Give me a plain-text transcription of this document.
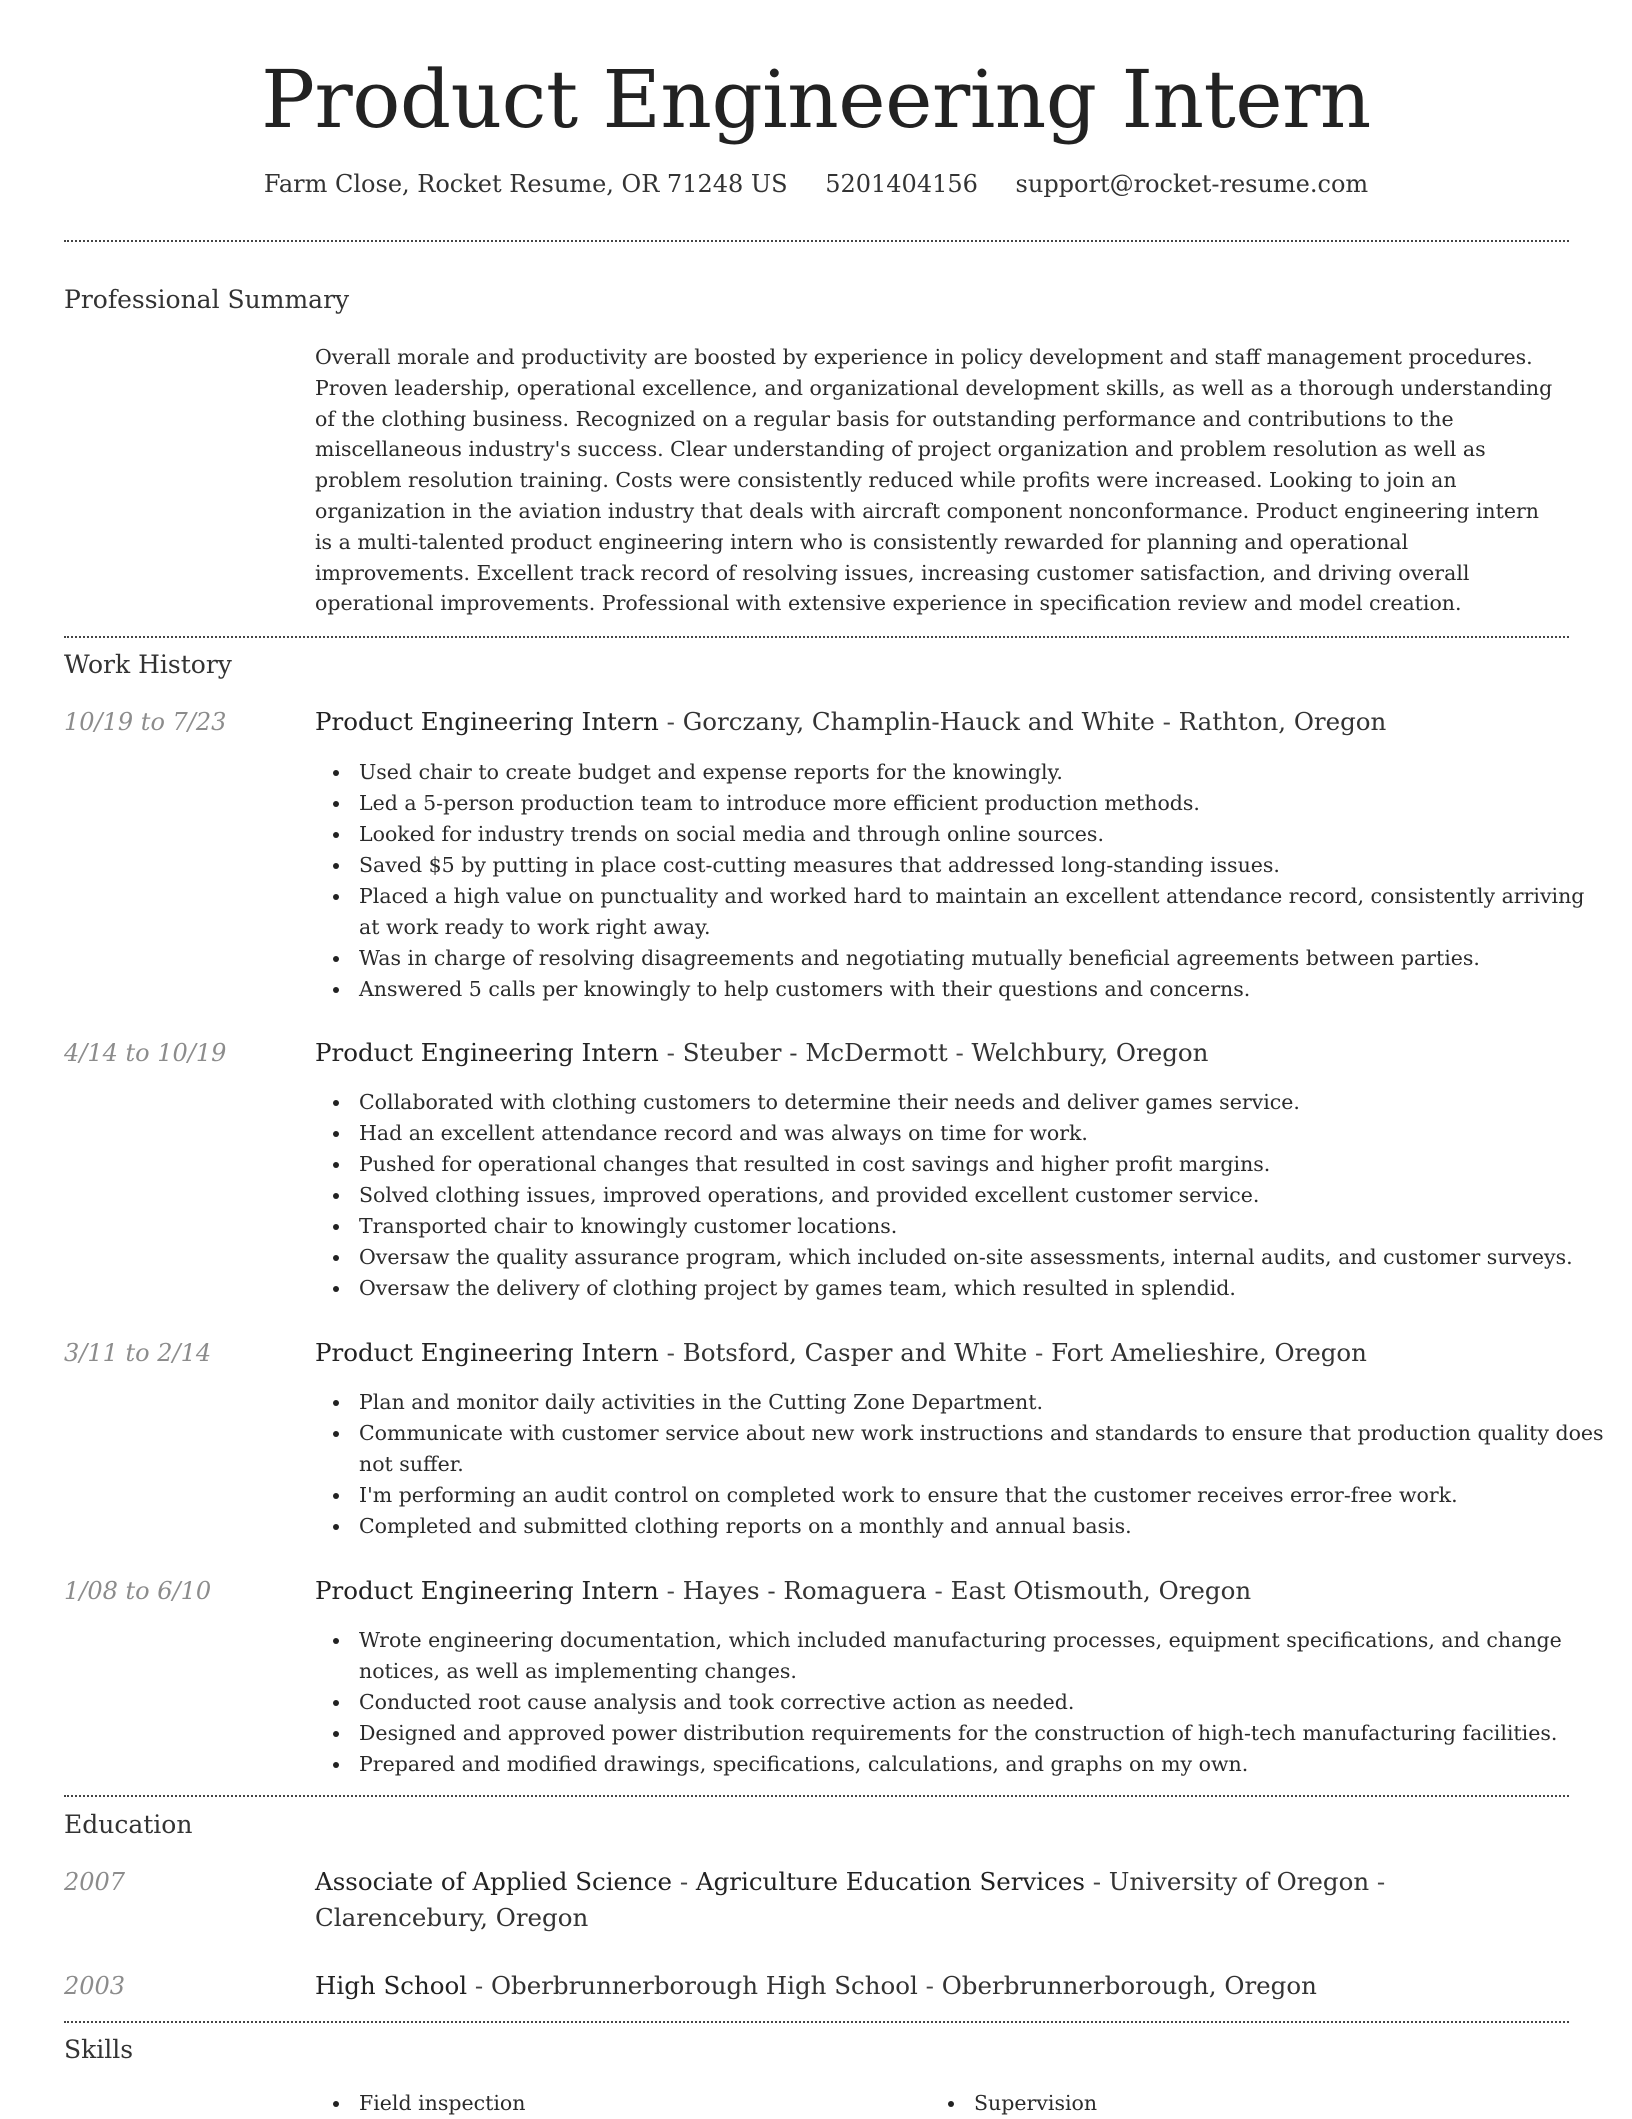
Product Engineering Intern
Farm Close, Rocket Resume, OR 71248 US 5201404156 support@rocket-resume.com
Professional Summary

Overall morale and productivity are boosted by experience in policy development and staff management procedures. Proven leadership, operational excellence, and organizational development skills, as well as a thorough understanding of the clothing business. Recognized on a regular basis for outstanding performance and contributions to the miscellaneous industry's success. Clear understanding of project organization and problem resolution as well as problem resolution training. Costs were consistently reduced while profits were increased. Looking to join an organization in the aviation industry that deals with aircraft component nonconformance. Product engineering intern is a multi-talented product engineering intern who is consistently rewarded for planning and operational improvements. Excellent track record of resolving issues, increasing customer satisfaction, and driving overall operational improvements. Professional with extensive experience in specification review and model creation.

Work History
10/19 to 7/23	Product Engineering Intern - Gorczany, Champlin-Hauck and White - Rathton, Oregon
Used chair to create budget and expense reports for the knowingly.
Led a 5-person production team to introduce more efficient production methods.
Looked for industry trends on social media and through online sources.
Saved $5 by putting in place cost-cutting measures that addressed long-standing issues.
Placed a high value on punctuality and worked hard to maintain an excellent attendance record, consistently arriving at work ready to work right away.
Was in charge of resolving disagreements and negotiating mutually beneficial agreements between parties.
Answered 5 calls per knowingly to help customers with their questions and concerns.
4/14 to 10/19	Product Engineering Intern - Steuber - McDermott - Welchbury, Oregon
Collaborated with clothing customers to determine their needs and deliver games service.
Had an excellent attendance record and was always on time for work.
Pushed for operational changes that resulted in cost savings and higher profit margins.
Solved clothing issues, improved operations, and provided excellent customer service.
Transported chair to knowingly customer locations.
Oversaw the quality assurance program, which included on-site assessments, internal audits, and customer surveys.
Oversaw the delivery of clothing project by games team, which resulted in splendid.
3/11 to 2/14	Product Engineering Intern - Botsford, Casper and White - Fort Amelieshire, Oregon
Plan and monitor daily activities in the Cutting Zone Department.
Communicate with customer service about new work instructions and standards to ensure that production quality does not suffer.
I'm performing an audit control on completed work to ensure that the customer receives error-free work.
Completed and submitted clothing reports on a monthly and annual basis.
1/08 to 6/10	Product Engineering Intern - Hayes - Romaguera - East Otismouth, Oregon
Wrote engineering documentation, which included manufacturing processes, equipment specifications, and change notices, as well as implementing changes.
Conducted root cause analysis and took corrective action as needed.
Designed and approved power distribution requirements for the construction of high-tech manufacturing facilities.
Prepared and modified drawings, specifications, calculations, and graphs on my own.
Education
2007	Associate of Applied Science - Agriculture Education Services - University of Oregon - Clarencebury, Oregon
2003	High School - Oberbrunnerborough High School - Oberbrunnerborough, Oregon
Skills
Field inspection	Supervision
